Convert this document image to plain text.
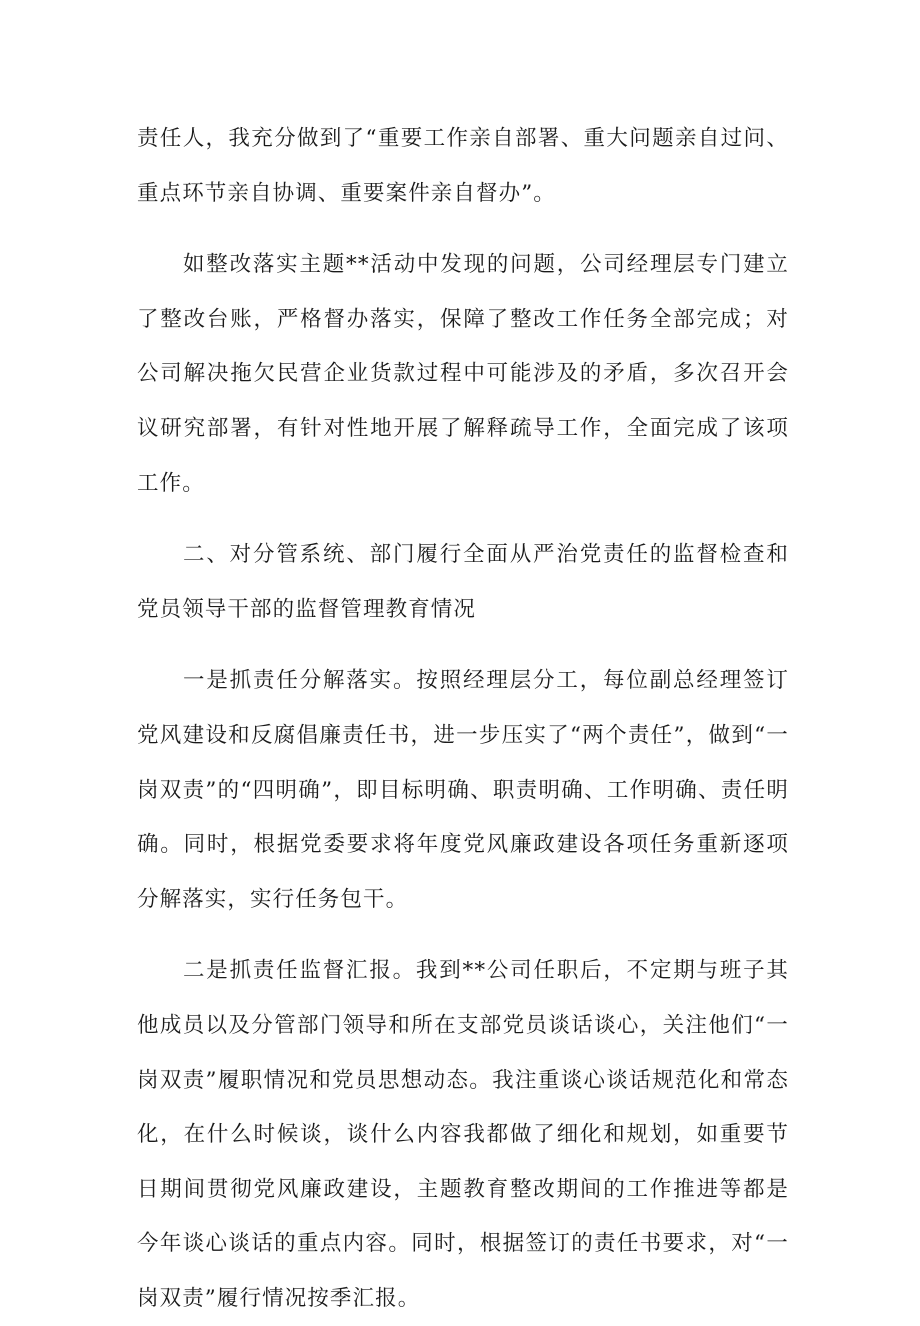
责任人，我充分做到了“重要工作亲自部署、重大问题亲自过问、重点环节亲自协调、重要案件亲自督办”。

如整改落实主题**活动中发现的问题，公司经理层专门建立了整改台账，严格督办落实，保障了整改工作任务全部完成；对公司解决拖欠民营企业货款过程中可能涉及的矛盾，多次召开会议研究部署，有针对性地开展了解释疏导工作，全面完成了该项工作。

二、对分管系统、部门履行全面从严治党责任的监督检查和党员领导干部的监督管理教育情况

一是抓责任分解落实。按照经理层分工，每位副总经理签订党风建设和反腐倡廉责任书，进一步压实了“两个责任”，做到“一岗双责”的“四明确”，即目标明确、职责明确、工作明确、责任明确。同时，根据党委要求将年度党风廉政建设各项任务重新逐项分解落实，实行任务包干。

二是抓责任监督汇报。我到**公司任职后，不定期与班子其他成员以及分管部门领导和所在支部党员谈话谈心，关注他们“一岗双责”履职情况和党员思想动态。我注重谈心谈话规范化和常态化，在什么时候谈，谈什么内容我都做了细化和规划，如重要节日期间贯彻党风廉政建设，主题教育整改期间的工作推进等都是今年谈心谈话的重点内容。同时，根据签订的责任书要求，对“一岗双责”履行情况按季汇报。
